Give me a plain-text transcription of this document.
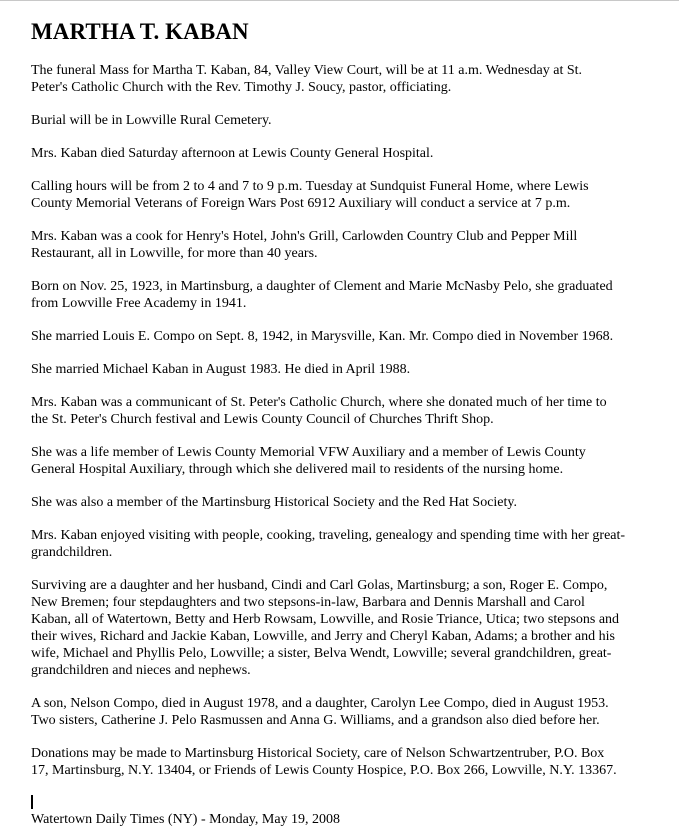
MARTHA T. KABAN

The funeral Mass for Martha T. Kaban, 84, Valley View Court, will be at 11 a.m. Wednesday at St.
Peter's Catholic Church with the Rev. Timothy J. Soucy, pastor, officiating.

Burial will be in Lowville Rural Cemetery.

Mrs. Kaban died Saturday afternoon at Lewis County General Hospital.

Calling hours will be from 2 to 4 and 7 to 9 p.m. Tuesday at Sundquist Funeral Home, where Lewis
County Memorial Veterans of Foreign Wars Post 6912 Auxiliary will conduct a service at 7 p.m.

Mrs. Kaban was a cook for Henry's Hotel, John's Grill, Carlowden Country Club and Pepper Mill
Restaurant, all in Lowville, for more than 40 years.

Born on Nov. 25, 1923, in Martinsburg, a daughter of Clement and Marie McNasby Pelo, she graduated
from Lowville Free Academy in 1941.

She married Louis E. Compo on Sept. 8, 1942, in Marysville, Kan. Mr. Compo died in November 1968.

She married Michael Kaban in August 1983. He died in April 1988.

Mrs. Kaban was a communicant of St. Peter's Catholic Church, where she donated much of her time to
the St. Peter's Church festival and Lewis County Council of Churches Thrift Shop.

She was a life member of Lewis County Memorial VFW Auxiliary and a member of Lewis County
General Hospital Auxiliary, through which she delivered mail to residents of the nursing home.

She was also a member of the Martinsburg Historical Society and the Red Hat Society.

Mrs. Kaban enjoyed visiting with people, cooking, traveling, genealogy and spending time with her great-
grandchildren.

Surviving are a daughter and her husband, Cindi and Carl Golas, Martinsburg; a son, Roger E. Compo,
New Bremen; four stepdaughters and two stepsons-in-law, Barbara and Dennis Marshall and Carol
Kaban, all of Watertown, Betty and Herb Rowsam, Lowville, and Rosie Triance, Utica; two stepsons and
their wives, Richard and Jackie Kaban, Lowville, and Jerry and Cheryl Kaban, Adams; a brother and his
wife, Michael and Phyllis Pelo, Lowville; a sister, Belva Wendt, Lowville; several grandchildren, great-
grandchildren and nieces and nephews.

A son, Nelson Compo, died in August 1978, and a daughter, Carolyn Lee Compo, died in August 1953.
Two sisters, Catherine J. Pelo Rasmussen and Anna G. Williams, and a grandson also died before her.

Donations may be made to Martinsburg Historical Society, care of Nelson Schwartzentruber, P.O. Box
17, Martinsburg, N.Y. 13404, or Friends of Lewis County Hospice, P.O. Box 266, Lowville, N.Y. 13367.

Watertown Daily Times (NY) - Monday, May 19, 2008
